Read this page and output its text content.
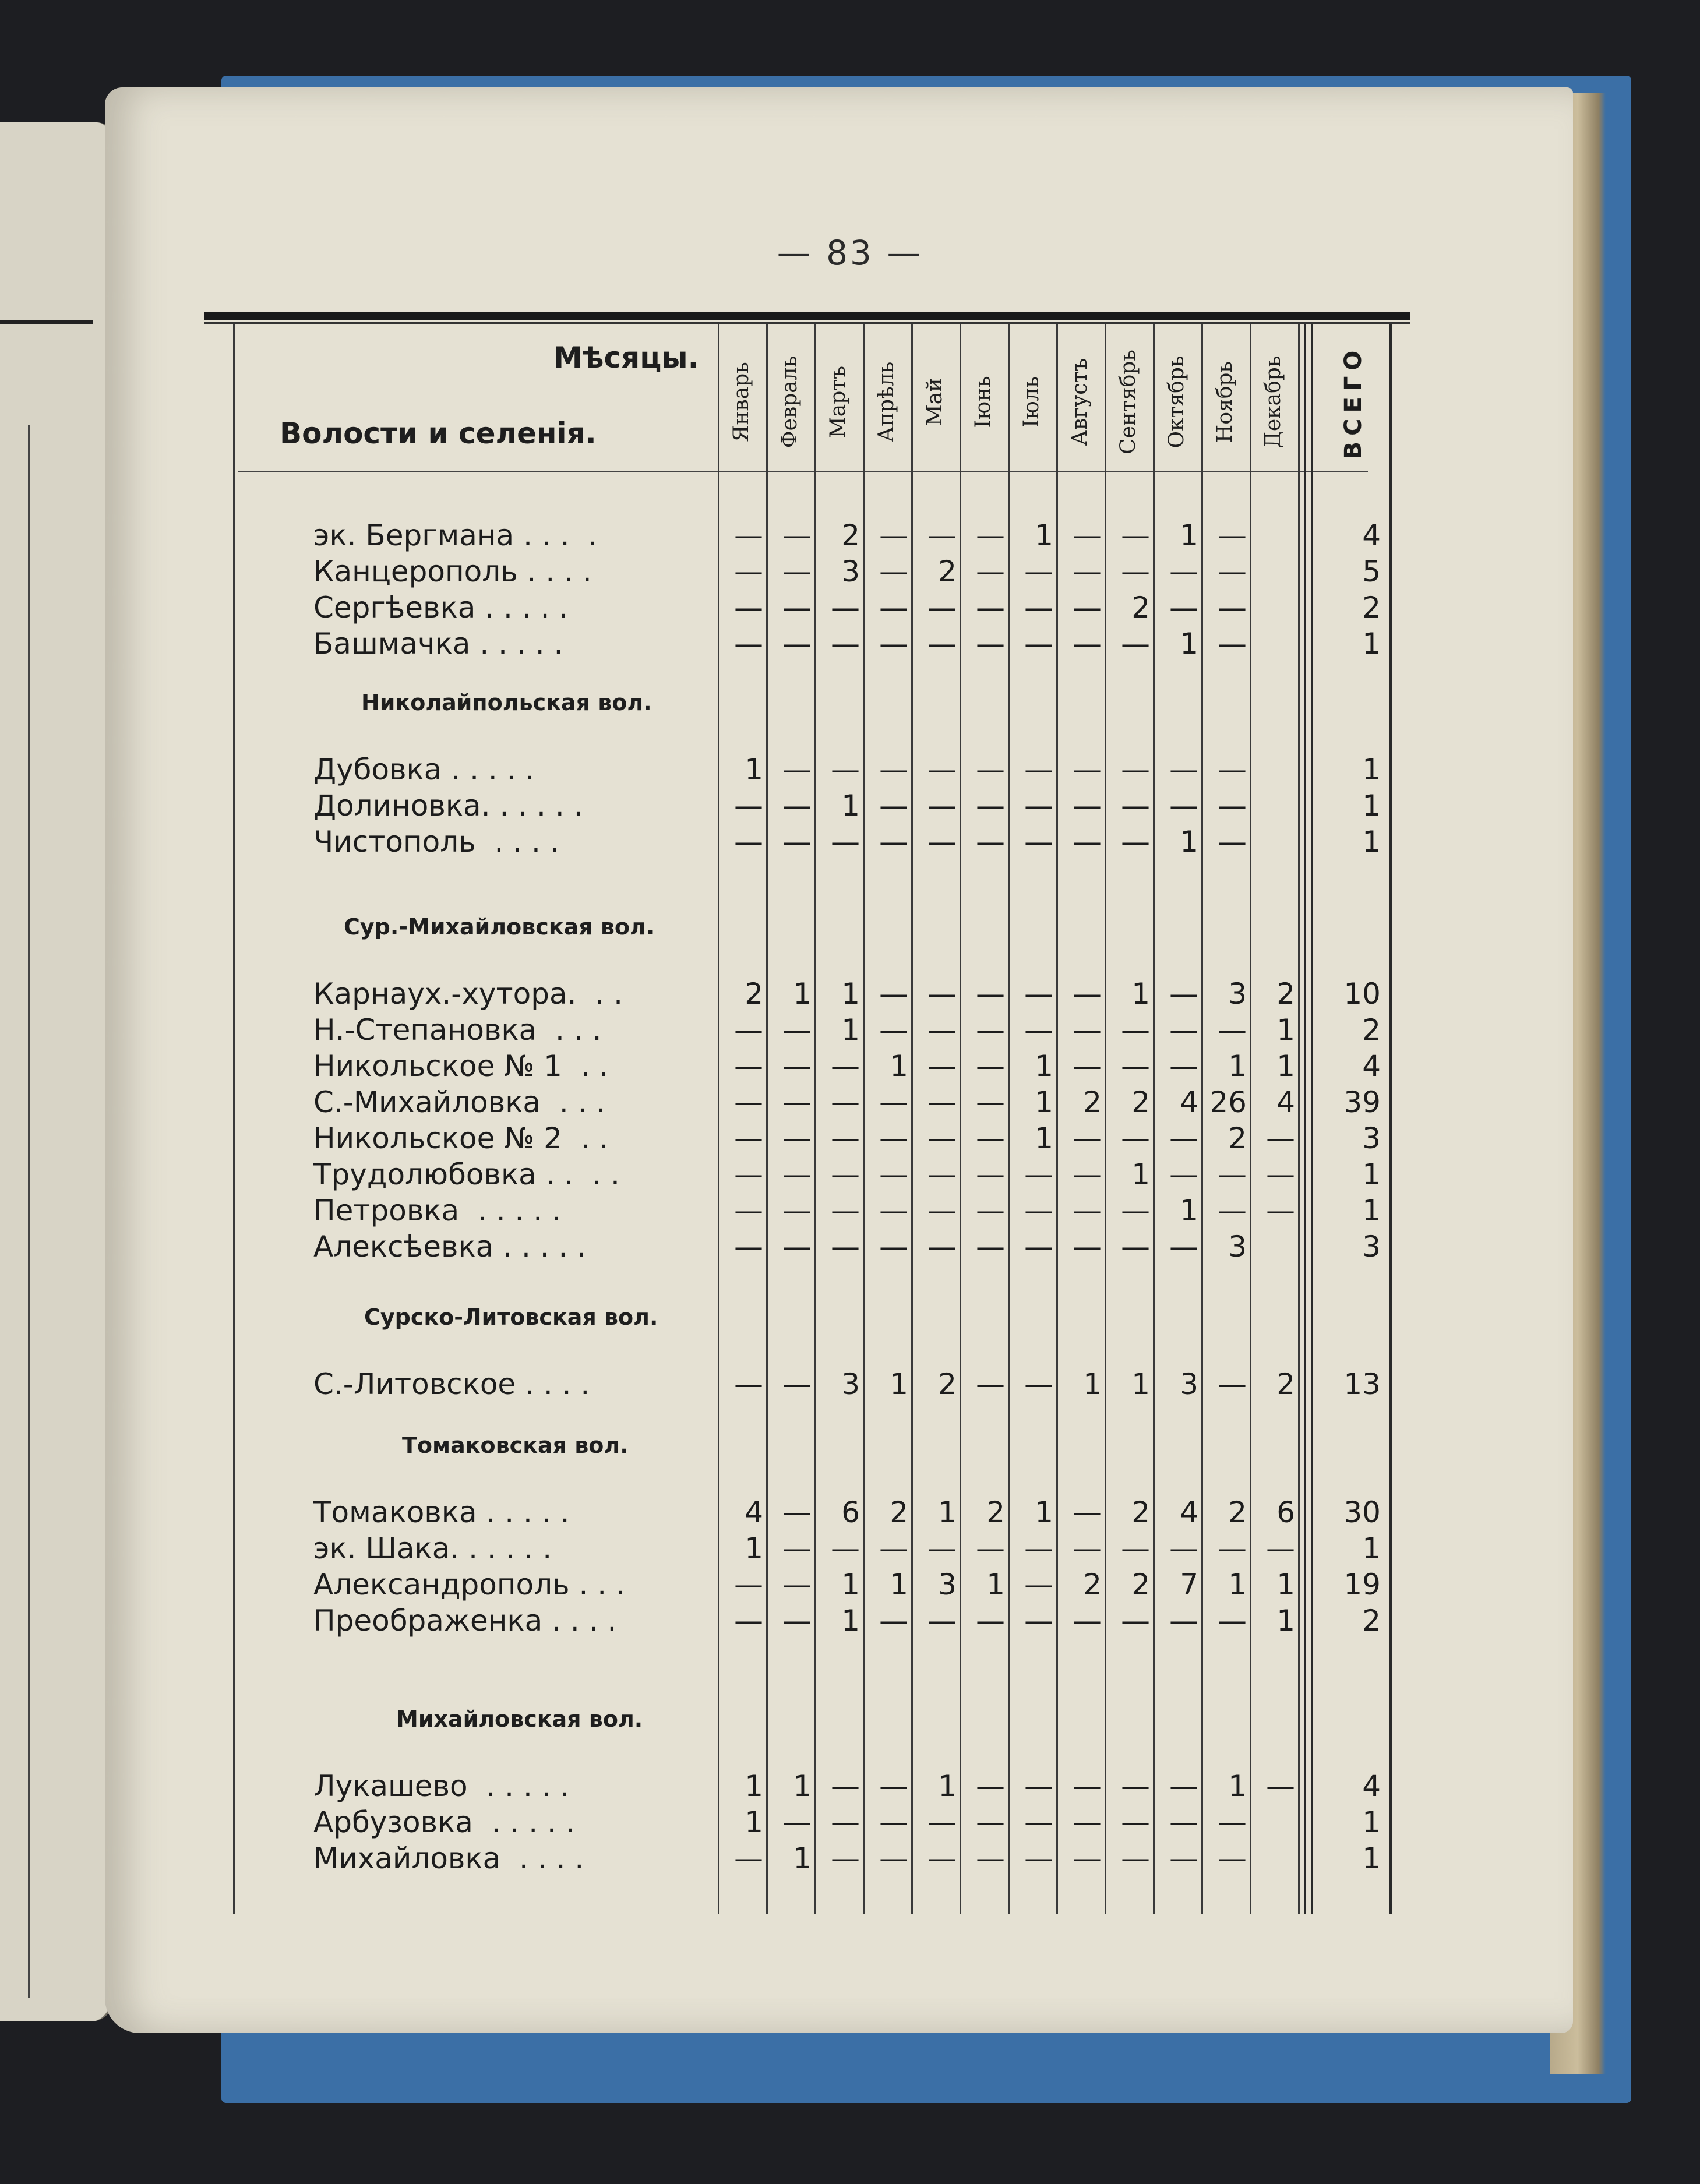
— 83 —
Мѣсяцы.
Волости и селенія.	Январь Февраль Мартъ Апрѣль Май Іюнь Іюль Августъ Сентябрь Октябрь Ноябрь Декабрь ВСЕГО
эк. Бергмана . . .  .	— —	2 — — —	1 — —	1 —	4
Канцерополь . . . .	— —	3 —	2 — — — — — —	5
Сергѣевка . . . . .	— — — — — — — —	2 — —	2
Башмачка . . . . .	— — — — — — — — —	1 —	1
Николайпольская вол.
Дубовка . . . . .	1 — — — — — — — — — —	1
Долиновка. . . . . .	— —	1 — — — — — — — —	1
Чистополь  . . . .	— — — — — — — — —	1 —	1
Сур.-Михайловская вол.
Карнаух.-хутора.  . .	2	1	1 — — — — —	1 —	3	2	10
Н.-Степановка  . . .	— —	1 — — — — — — — —	1	2
Никольское № 1  . .	— — —	1 — —	1 — — —	1	1	4
С.-Михайловка  . . .	— — — — — —	1	2	2	4 26	4	39
Никольское № 2  . .	— — — — — —	1 — — —	2 —	3
Трудолюбовка . .  . .	— — — — — — — —	1 — — —	1
Петровка  . . . . .	— — — — — — — — —	1 — —	1
Алексѣевка . . . . .	— — — — — — — — — —	3	3
Сурско-Литовская вол.
С.-Литовское . . . .	— —	3	1	2 — —	1	1	3 —	2	13
Томаковская вол.
Томаковка . . . . .	4 —	6	2	1	2	1 —	2	4	2	6	30
эк. Шака. . . . . .	1 — — — — — — — — — — —	1
Александрополь . . .	— —	1	1	3	1 —	2	2	7	1	1	19
Преображенка . . . .	— —	1 — — — — — — — —	1	2
Михайловская вол.
Лукашево  . . . . .	1	1 — —	1 — — — — —	1 —	4
Арбузовка  . . . . .	1 — — — — — — — — — —	1
Михайловка  . . . .	—	1 — — — — — — — — —	1
